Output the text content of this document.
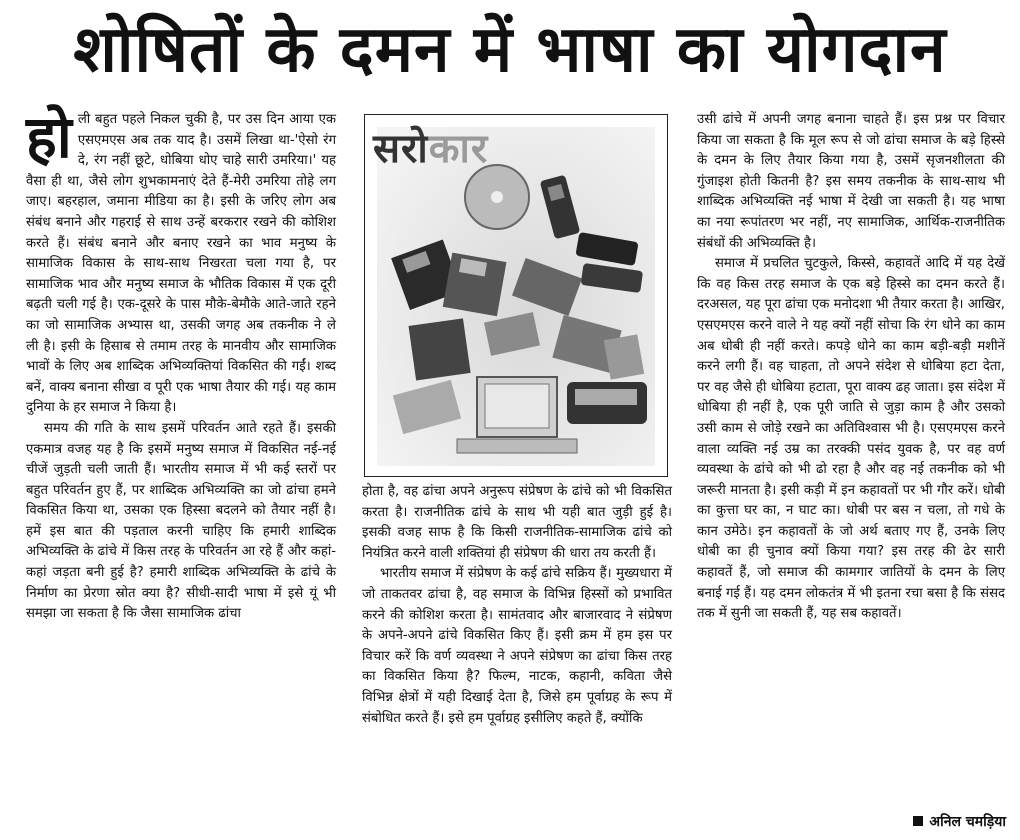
शोषितों के दमन में भाषा का योगदान
हो ली बहुत पहले निकल चुकी है, पर उस दिन आया एक एसएमएस अब तक याद है। उसमें लिखा था-'ऐसो रंग दे, रंग नहीं छूटे, धोबिया धोए चाहे सारी उमरिया।' यह वैसा ही था, जैसे लोग शुभकामनाएं देते हैं-मेरी उमरिया तोहे लग जाए। बहरहाल, जमाना मीडिया का है। इसी के जरिए लोग अब संबंध बनाने और गहराई से साथ उन्हें बरकरार रखने की कोशिश करते हैं। संबंध बनाने और बनाए रखने का भाव मनुष्य के सामाजिक विकास के साथ-साथ निखरता चला गया है, पर सामाजिक भाव और मनुष्य समाज के भौतिक विकास में एक दूरी बढ़ती चली गई है। एक-दूसरे के पास मौके-बेमौके आते-जाते रहने का जो सामाजिक अभ्यास था, उसकी जगह अब तकनीक ने ले ली है। इसी के हिसाब से तमाम तरह के मानवीय और सामाजिक भावों के लिए अब शाब्दिक अभिव्यक्तियां विकसित की गईं। शब्द बनें, वाक्य बनाना सीखा व पूरी एक भाषा तैयार की गई। यह काम दुनिया के हर समाज ने किया है।

समय की गति के साथ इसमें परिवर्तन आते रहते हैं। इसकी एकमात्र वजह यह है कि इसमें मनुष्य समाज में विकसित नई-नई चीजें जुड़ती चली जाती हैं। भारतीय समाज में भी कई स्तरों पर बहुत परिवर्तन हुए हैं, पर शाब्दिक अभिव्यक्ति का जो ढांचा हमने विकसित किया था, उसका एक हिस्सा बदलने को तैयार नहीं है। हमें इस बात की पड़ताल करनी चाहिए कि हमारी शाब्दिक अभिव्यक्ति के ढांचे में किस तरह के परिवर्तन आ रहे हैं और कहां-कहां जड़ता बनी हुई है? हमारी शाब्दिक अभिव्यक्ति के ढांचे के निर्माण का प्रेरणा स्रोत क्या है? सीधी-सादी भाषा में इसे यूं भी समझा जा सकता है कि जैसा सामाजिक ढांचा

सरोकार

होता है, वह ढांचा अपने अनुरूप संप्रेषण के ढांचे को भी विकसित करता है। राजनीतिक ढांचे के साथ भी यही बात जुड़ी हुई है। इसकी वजह साफ है कि किसी राजनीतिक-सामाजिक ढांचे को नियंत्रित करने वाली शक्तियां ही संप्रेषण की धारा तय करती हैं।

भारतीय समाज में संप्रेषण के कई ढांचे सक्रिय हैं। मुख्यधारा में जो ताकतवर ढांचा है, वह समाज के विभिन्न हिस्सों को प्रभावित करने की कोशिश करता है। सामंतवाद और बाजारवाद ने संप्रेषण के अपने-अपने ढांचे विकसित किए हैं। इसी क्रम में हम इस पर विचार करें कि वर्ण व्यवस्था ने अपने संप्रेषण का ढांचा किस तरह का विकसित किया है? फिल्म, नाटक, कहानी, कविता जैसे विभिन्न क्षेत्रों में यही दिखाई देता है, जिसे हम पूर्वाग्रह के रूप में संबोधित करते हैं। इसे हम पूर्वाग्रह इसीलिए कहते हैं, क्योंकि

उसी ढांचे में अपनी जगह बनाना चाहते हैं। इस प्रश्न पर विचार किया जा सकता है कि मूल रूप से जो ढांचा समाज के बड़े हिस्से के दमन के लिए तैयार किया गया है, उसमें सृजनशीलता की गुंजाइश होती कितनी है? इस समय तकनीक के साथ-साथ भी शाब्दिक अभिव्यक्ति नई भाषा में देखी जा सकती है। यह भाषा का नया रूपांतरण भर नहीं, नए सामाजिक, आर्थिक-राजनीतिक संबंधों की अभिव्यक्ति है।

समाज में प्रचलित चुटकुले, किस्से, कहावतें आदि में यह देखें कि वह किस तरह समाज के एक बड़े हिस्से का दमन करते हैं। दरअसल, यह पूरा ढांचा एक मनोदशा भी तैयार करता है। आखिर, एसएमएस करने वाले ने यह क्यों नहीं सोचा कि रंग धोने का काम अब धोबी ही नहीं करते। कपड़े धोने का काम बड़ी-बड़ी मशीनें करने लगी हैं। वह चाहता, तो अपने संदेश से धोबिया हटा देता, पर वह जैसे ही धोबिया हटाता, पूरा वाक्य ढह जाता। इस संदेश में धोबिया ही नहीं है, एक पूरी जाति से जुड़ा काम है और उसको उसी काम से जोड़े रखने का अतिविश्वास भी है। एसएमएस करने वाला व्यक्ति नई उम्र का तरक्की पसंद युवक है, पर वह वर्ण व्यवस्था के ढांचे को भी ढो रहा है और वह नई तकनीक को भी जरूरी मानता है। इसी कड़ी में इन कहावतों पर भी गौर करें। धोबी का कुत्ता घर का, न घाट का। धोबी पर बस न चला, तो गधे के कान उमेठे। इन कहावतों के जो अर्थ बताए गए हैं, उनके लिए धोबी का ही चुनाव क्यों किया गया? इस तरह की ढेर सारी कहावतें हैं, जो समाज की कामगार जातियों के दमन के लिए बनाई गई हैं। यह दमन लोकतंत्र में भी इतना रचा बसा है कि संसद तक में सुनी जा सकती हैं, यह सब कहावतें।

अनिल चमड़िया
